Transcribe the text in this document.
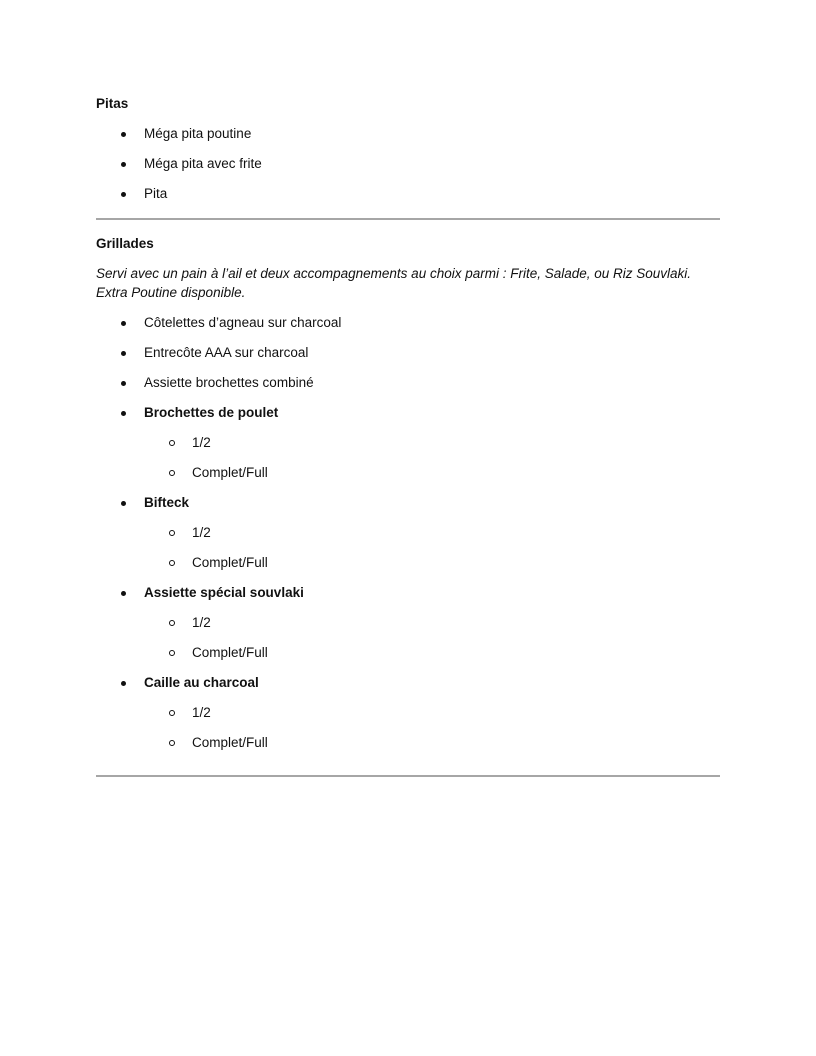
Pitas
Méga pita poutine
Méga pita avec frite
Pita
Grillades
Servi avec un pain à l’ail et deux accompagnements au choix parmi : Frite, Salade, ou Riz Souvlaki. Extra Poutine disponible.
Côtelettes d’agneau sur charcoal
Entrecôte AAA sur charcoal
Assiette brochettes combiné
Brochettes de poulet
1/2
Complet/Full
Bifteck
1/2
Complet/Full
Assiette spécial souvlaki
1/2
Complet/Full
Caille au charcoal
1/2
Complet/Full
